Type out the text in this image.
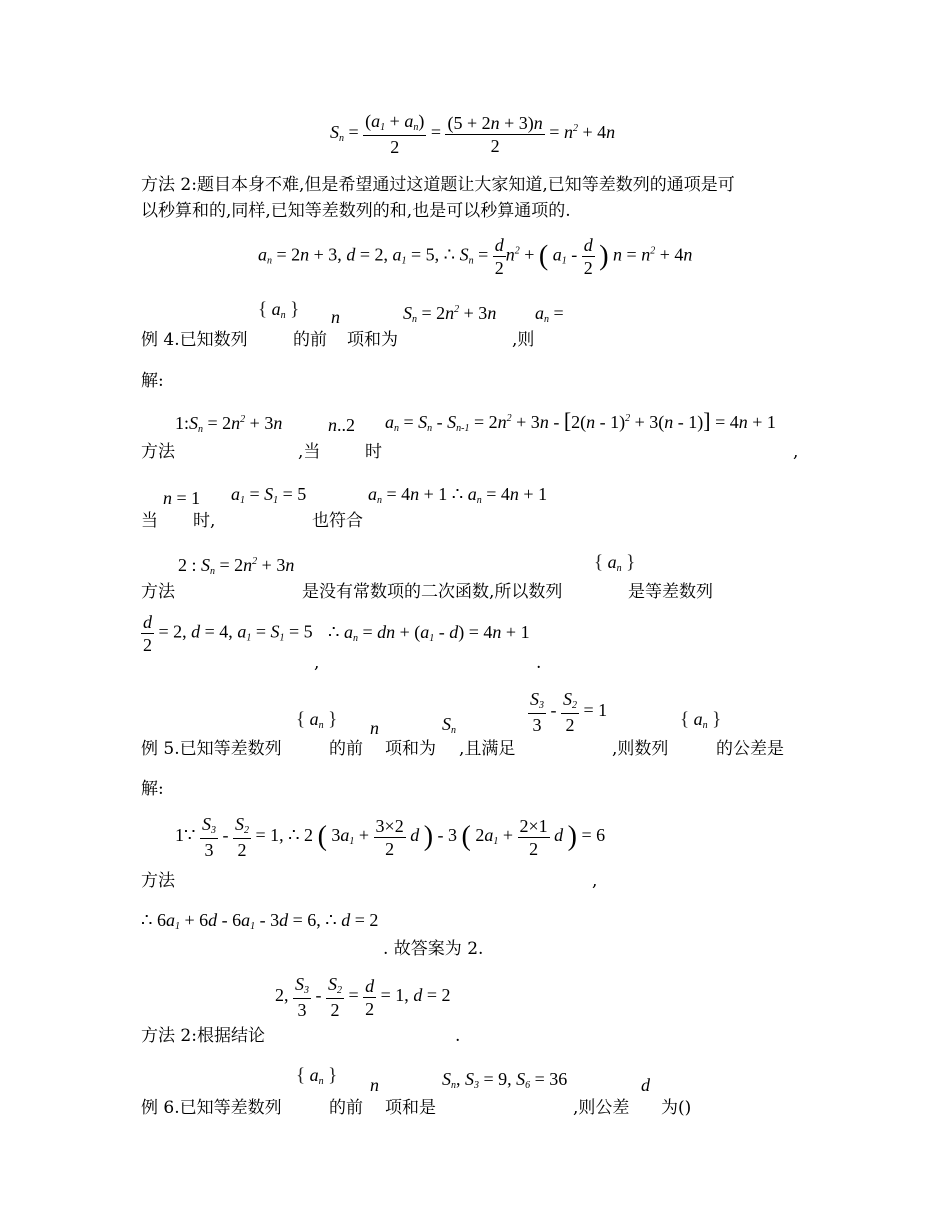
$S_n = \frac{(a_1 + a_n)}{2} = \frac{(5 + 2n + 3)n}{2} = n^2 + 4n$
方法 2:题目本身不难,但是希望通过这道题让大家知道,已知等差数列的通项是可
以秒算和的,同样,已知等差数列的和,也是可以秒算通项的.
$a_n = 2n + 3$, d = 2, $a_1 = 5$, ∴ $S_n = \frac{d}{2} n^2$ + ( $a_1 - \frac{d}{2}$ ) $n = n^2 + 4n$
{ $a_n$ } n	$S_n = 2n^2 + 3n$ $a_n$ =
例 4.已知数列	的前 项和为	,则
解:
$1:S_n = 2n^2 + 3n$	n..2 $a_n = S_n - S_{n-1} = 2n^2 + 3n - [2(n - 1)^2 + 3(n - 1)] = 4n + 1$
方法	,当	时	,
n = 1 $a_1 = S_1 = 5$	$a_n = 4n + 1$ ∴ $a_n = 4n + 1$
当 时,	也符合
2 : $S_n = 2n^2 + 3n$	{ $a_n$ }
方法	是没有常数项的二次函数,所以数列	是等差数列
$\frac{d}{2} = 2$, d = 4, $a_1 = S_1 = 5$ ∴ $a_n$ = dn + $(a_1 - d) = 4n + 1$
,	.
{ $a_n$ } n	$S_n$	$\frac{S_3}{3} - \frac{S_2}{2} = 1$	{ $a_n$ }
例 5.已知等差数列	的前 项和为 ,且满足	,则数列	的公差是
解:
1∵ $\frac{S_3}{3} - \frac{S_2}{2} = 1$, ∴ 2 ( $3a_1 + \frac{3\times 2}{2}$ d ) - 3 ( $2a_1 + \frac{2\times 1}{2}$ d ) = 6
方法	,
∴ $6a_1 + 6d - 6a_1 - 3d = 6$, ∴ d = 2
. 故答案为 2.
2, $\frac{S_3}{3} - \frac{S_2}{2} = \frac{d}{2} = 1$, d = 2
方法 2:根据结论	.
{ $a_n$ } n	$S_n$, $S_3 = 9$, $S_6 = 36$	d
例 6.已知等差数列	的前 项和是	,则公差 为()
